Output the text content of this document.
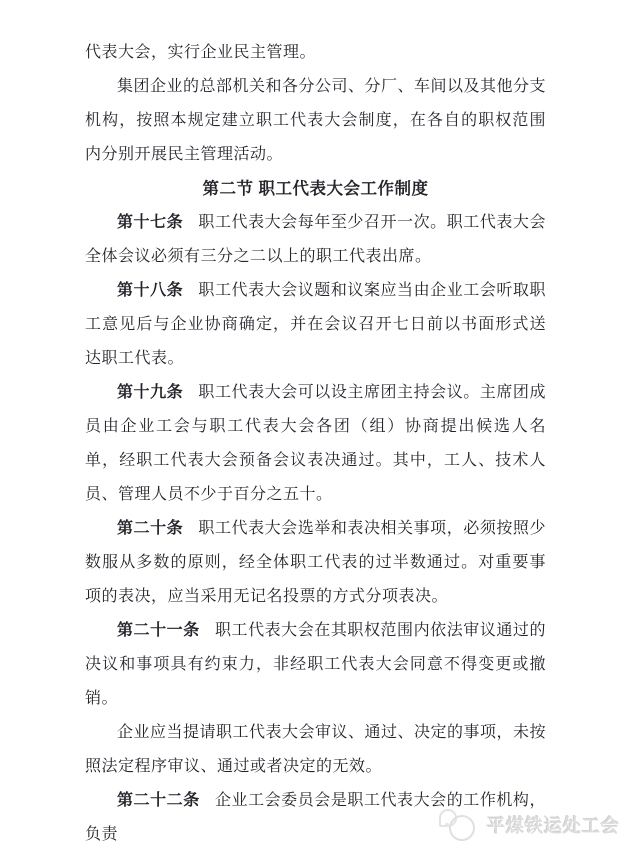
代表大会，实行企业民主管理。

集团企业的总部机关和各分公司、分厂、车间以及其他分支机构，按照本规定建立职工代表大会制度，在各自的职权范围内分别开展民主管理活动。

第二节 职工代表大会工作制度

第十七条 职工代表大会每年至少召开一次。职工代表大会全体会议必须有三分之二以上的职工代表出席。

第十八条 职工代表大会议题和议案应当由企业工会听取职工意见后与企业协商确定，并在会议召开七日前以书面形式送达职工代表。

第十九条 职工代表大会可以设主席团主持会议。主席团成员由企业工会与职工代表大会各团（组）协商提出候选人名单，经职工代表大会预备会议表决通过。其中，工人、技术人员、管理人员不少于百分之五十。

第二十条 职工代表大会选举和表决相关事项，必须按照少数服从多数的原则，经全体职工代表的过半数通过。对重要事项的表决，应当采用无记名投票的方式分项表决。

第二十一条 职工代表大会在其职权范围内依法审议通过的决议和事项具有约束力，非经职工代表大会同意不得变更或撤销。

企业应当提请职工代表大会审议、通过、决定的事项，未按照法定程序审议、通过或者决定的无效。

第二十二条 企业工会委员会是职工代表大会的工作机构，负责	平煤铁运处工会
